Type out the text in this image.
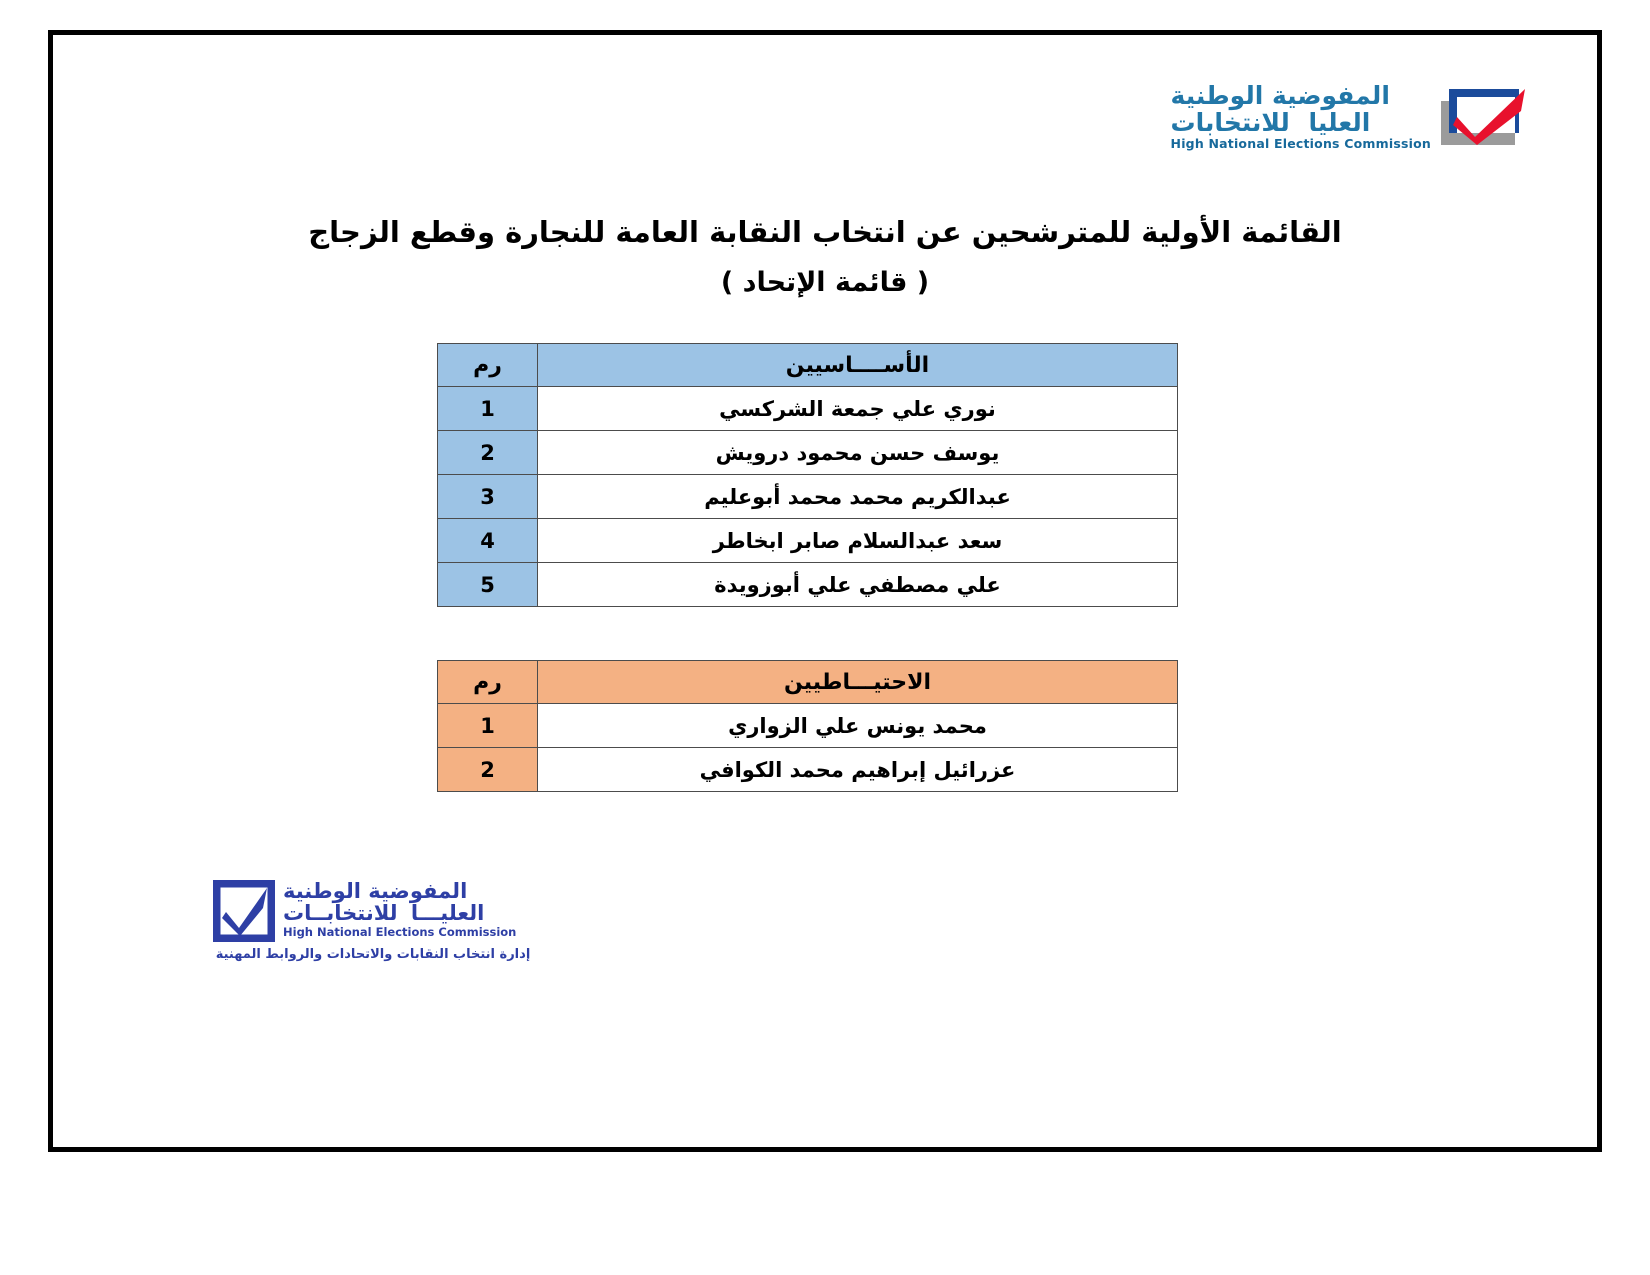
المفوضية الوطنية
العليا للانتخابات
High National Elections Commission
القائمة الأولية للمترشحين عن انتخاب النقابة العامة للنجارة وقطع الزجاج
( قائمة الإتحاد )
الأســــاسيين	رم
نوري علي جمعة الشركسي	1
يوسف حسن محمود درويش	2
عبدالكريم محمد محمد أبوعليم	3
سعد عبدالسلام صابر ابخاطر	4
علي مصطفي علي أبوزويدة	5
الاحتيـــاطيين	رم
محمد يونس علي الزواري	1
عزرائيل إبراهيم محمد الكوافي	2
المفوضية الوطنية
العليـــا للانتخابــات
High National Elections Commission
إدارة انتخاب النقابات والاتحادات والروابط المهنية
